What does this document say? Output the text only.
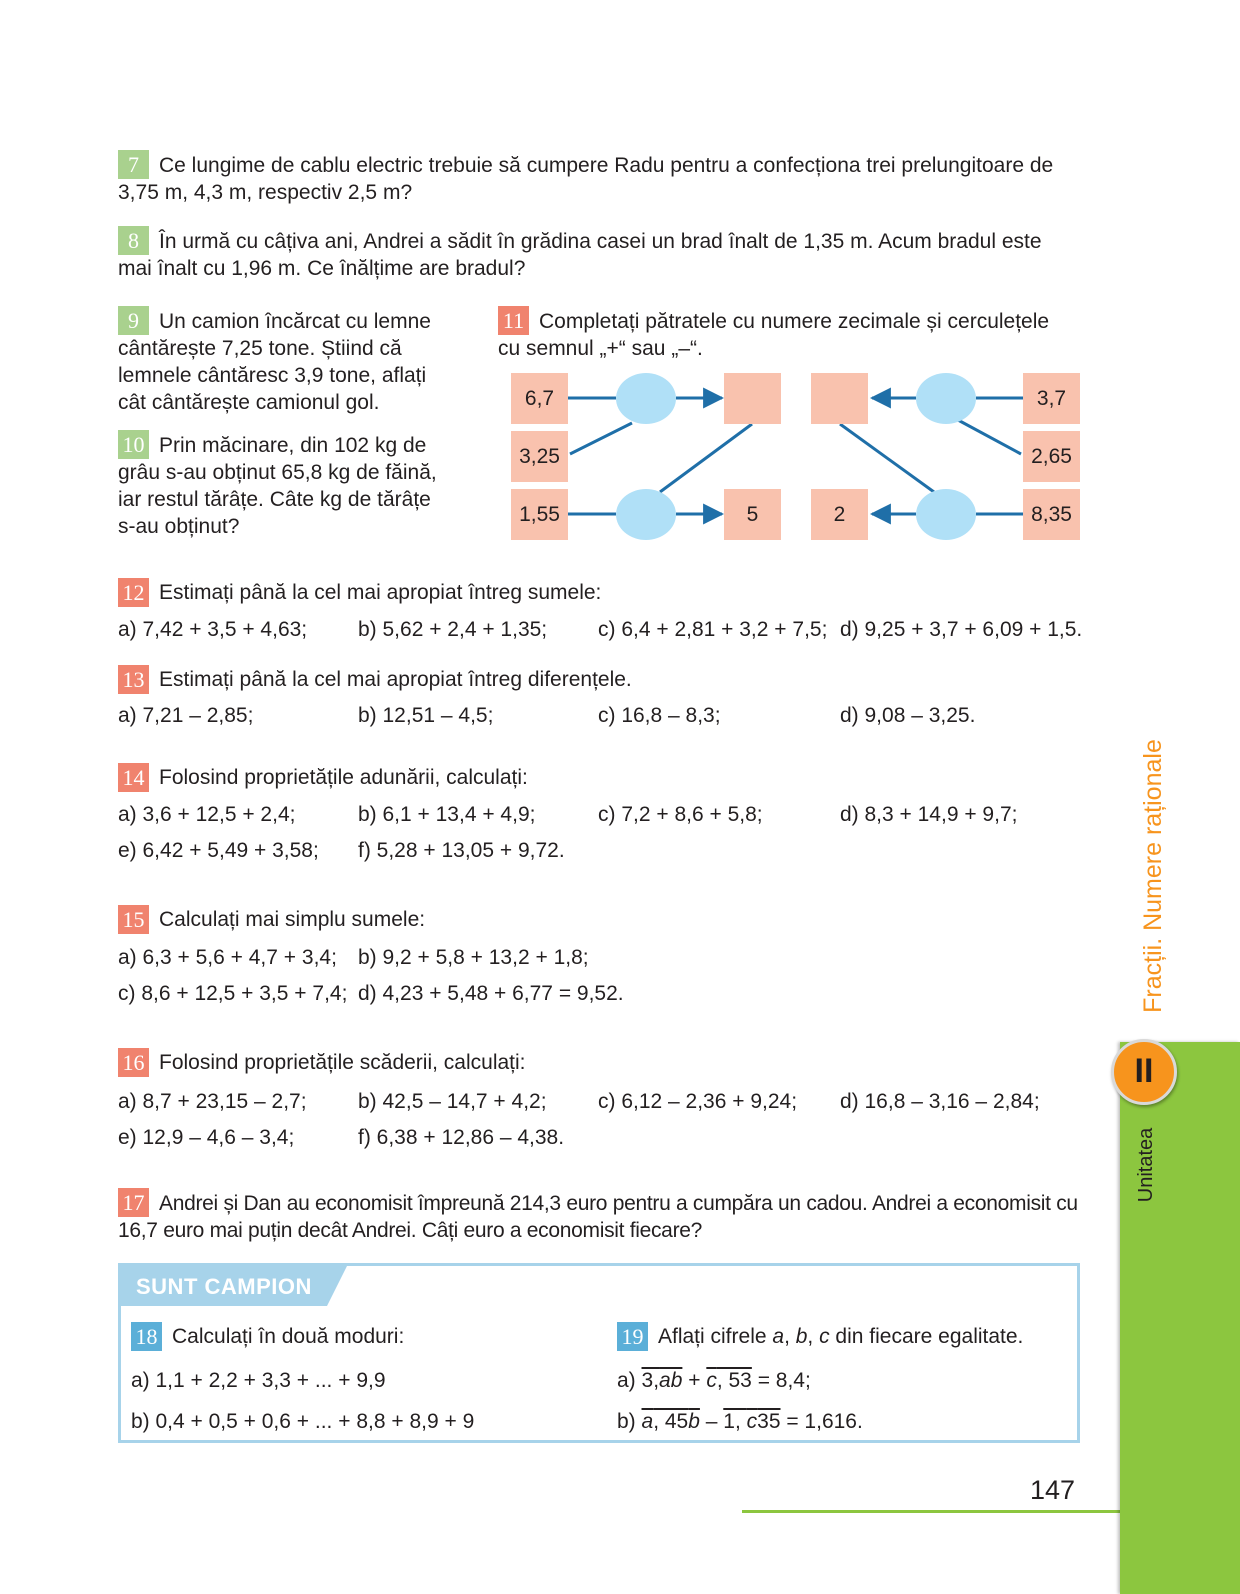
7 Ce lungime de cablu electric trebuie să cumpere Radu pentru a confecționa trei prelungitoare de 3,75 m, 4,3 m, respectiv 2,5 m?
8 În urmă cu câțiva ani, Andrei a sădit în grădina casei un brad înalt de 1,35 m. Acum bradul este mai înalt cu 1,96 m. Ce înălțime are bradul?
9 Un camion încărcat cu lemne
cântărește 7,25 tone. Știind că
lemnele cântăresc 3,9 tone, aflați
cât cântărește camionul gol.
10 Prin măcinare, din 102 kg de
grâu s-au obținut 65,8 kg de făină,
iar restul tărâțe. Câte kg de tărâțe
s-au obținut?
11 Completați pătratele cu numere zecimale și cerculețele
cu semnul „+“ sau „–“.
6,7
3,25
1,55	5	2
3,7
2,65
8,35
12 Estimați până la cel mai apropiat întreg sumele:
a) 7,42 + 3,5 + 4,63; b) 5,62 + 2,4 + 1,35; c) 6,4 + 2,81 + 3,2 + 7,5; d) 9,25 + 3,7 + 6,09 + 1,5.
13 Estimați până la cel mai apropiat întreg diferențele.
a) 7,21 – 2,85;	b) 12,51 – 4,5;	c) 16,8 – 8,3;	d) 9,08 – 3,25.
14 Folosind proprietățile adunării, calculați:
a) 3,6 + 12,5 + 2,4;	b) 6,1 + 13,4 + 4,9;	c) 7,2 + 8,6 + 5,8;	d) 8,3 + 14,9 + 9,7;
e) 6,42 + 5,49 + 3,58; f) 5,28 + 13,05 + 9,72.
15 Calculați mai simplu sumele:
a) 6,3 + 5,6 + 4,7 + 3,4; b) 9,2 + 5,8 + 13,2 + 1,8;
c) 8,6 + 12,5 + 3,5 + 7,4; d) 4,23 + 5,48 + 6,77 = 9,52.
16 Folosind proprietățile scăderii, calculați:
a) 8,7 + 23,15 – 2,7; b) 42,5 – 14,7 + 4,2; c) 6,12 – 2,36 + 9,24; d) 16,8 – 3,16 – 2,84;
e) 12,9 – 4,6 – 3,4;	f) 6,38 + 12,86 – 4,38.
17 Andrei și Dan au economisit împreună 214,3 euro pentru a cumpăra un cadou. Andrei a economisit cu 16,7 euro mai puțin decât Andrei. Câți euro a economisit fiecare?
SUNT CAMPION
18 Calculați în două moduri:
a) 1,1 + 2,2 + 3,3 + ... + 9,9
b) 0,4 + 0,5 + 0,6 + ... + 8,8 + 8,9 + 9
19 Aflați cifrele a, b, c din fiecare egalitate.
a) 3,ab + c, 53 = 8,4;
b) a, 45b – 1, c35 = 1,616.
147
II
Unitatea
Fracții. Numere raționale
